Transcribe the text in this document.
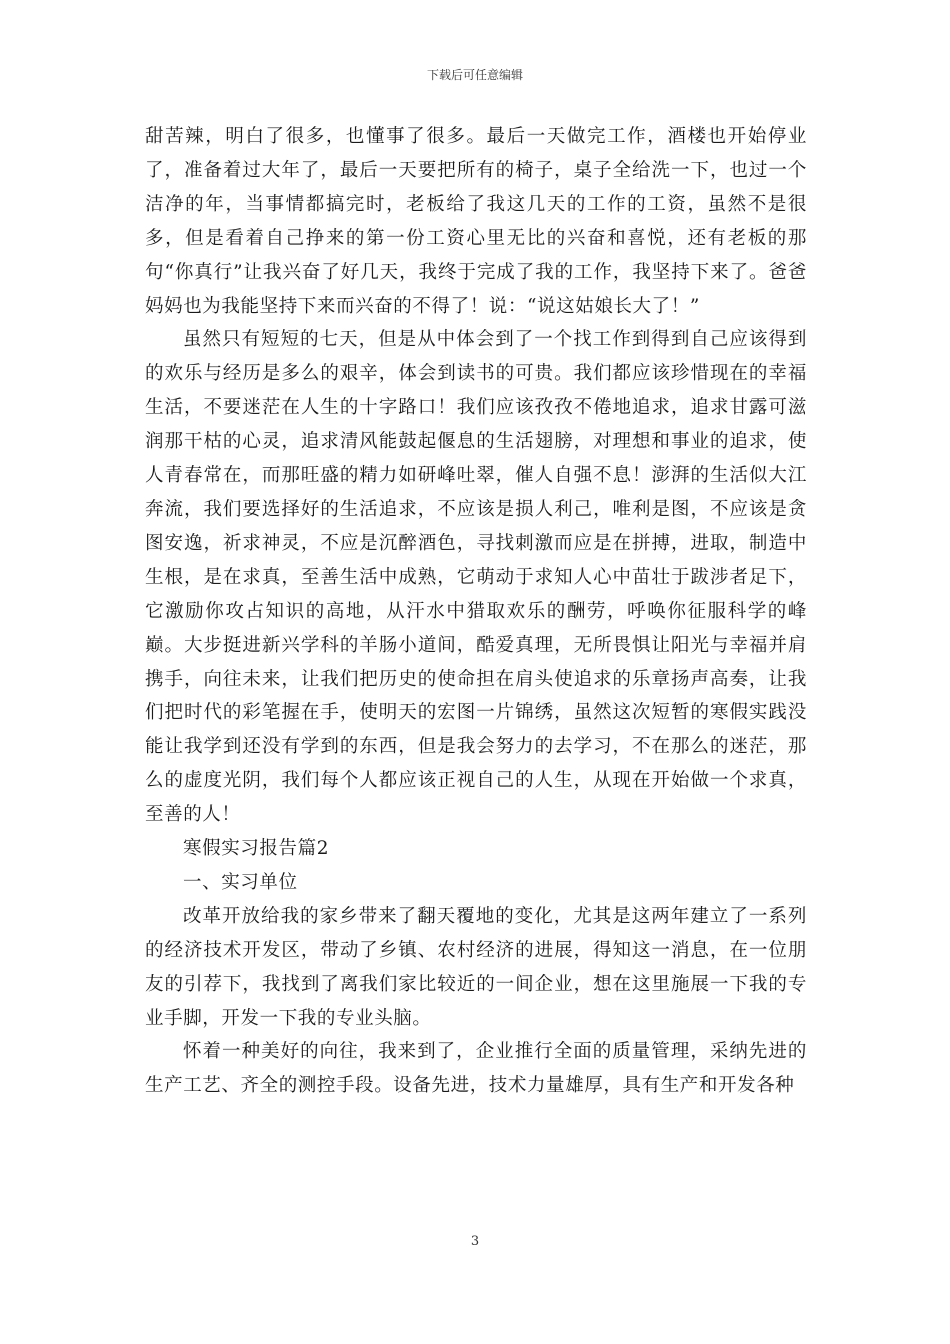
下载后可任意编辑

甜苦辣，明白了很多，也懂事了很多。最后一天做完工作，酒楼也开始停业了，准备着过大年了，最后一天要把所有的椅子，桌子全给洗一下，也过一个洁净的年，当事情都搞完时，老板给了我这几天的工作的工资，虽然不是很多，但是看着自己挣来的第一份工资心里无比的兴奋和喜悦，还有老板的那句“你真行”让我兴奋了好几天，我终于完成了我的工作，我坚持下来了。爸爸妈妈也为我能坚持下来而兴奋的不得了！说：“说这姑娘长大了！”

虽然只有短短的七天，但是从中体会到了一个找工作到得到自己应该得到的欢乐与经历是多么的艰辛，体会到读书的可贵。我们都应该珍惜现在的幸福生活，不要迷茫在人生的十字路口！我们应该孜孜不倦地追求，追求甘露可滋润那干枯的心灵，追求清风能鼓起偃息的生活翅膀，对理想和事业的追求，使人青春常在，而那旺盛的精力如研峰吐翠，催人自强不息！澎湃的生活似大江奔流，我们要选择好的生活追求，不应该是损人利己，唯利是图，不应该是贪图安逸，祈求神灵，不应是沉醉酒色，寻找刺激而应是在拼搏，进取，制造中生根，是在求真，至善生活中成熟，它萌动于求知人心中苗壮于跋涉者足下，它激励你攻占知识的高地，从汗水中猎取欢乐的酬劳，呼唤你征服科学的峰巅。大步挺进新兴学科的羊肠小道间，酷爱真理，无所畏惧让阳光与幸福并肩携手，向往未来，让我们把历史的使命担在肩头使追求的乐章扬声高奏，让我们把时代的彩笔握在手，使明天的宏图一片锦绣，虽然这次短暂的寒假实践没能让我学到还没有学到的东西，但是我会努力的去学习，不在那么的迷茫，那么的虚度光阴，我们每个人都应该正视自己的人生，从现在开始做一个求真，至善的人！

寒假实习报告篇2

一、实习单位

改革开放给我的家乡带来了翻天覆地的变化，尤其是这两年建立了一系列的经济技术开发区，带动了乡镇、农村经济的进展，得知这一消息，在一位朋友的引荐下，我找到了离我们家比较近的一间企业，想在这里施展一下我的专业手脚，开发一下我的专业头脑。

怀着一种美好的向往，我来到了，企业推行全面的质量管理，采纳先进的生产工艺、齐全的测控手段。设备先进，技术力量雄厚，具有生产和开发各种

3
